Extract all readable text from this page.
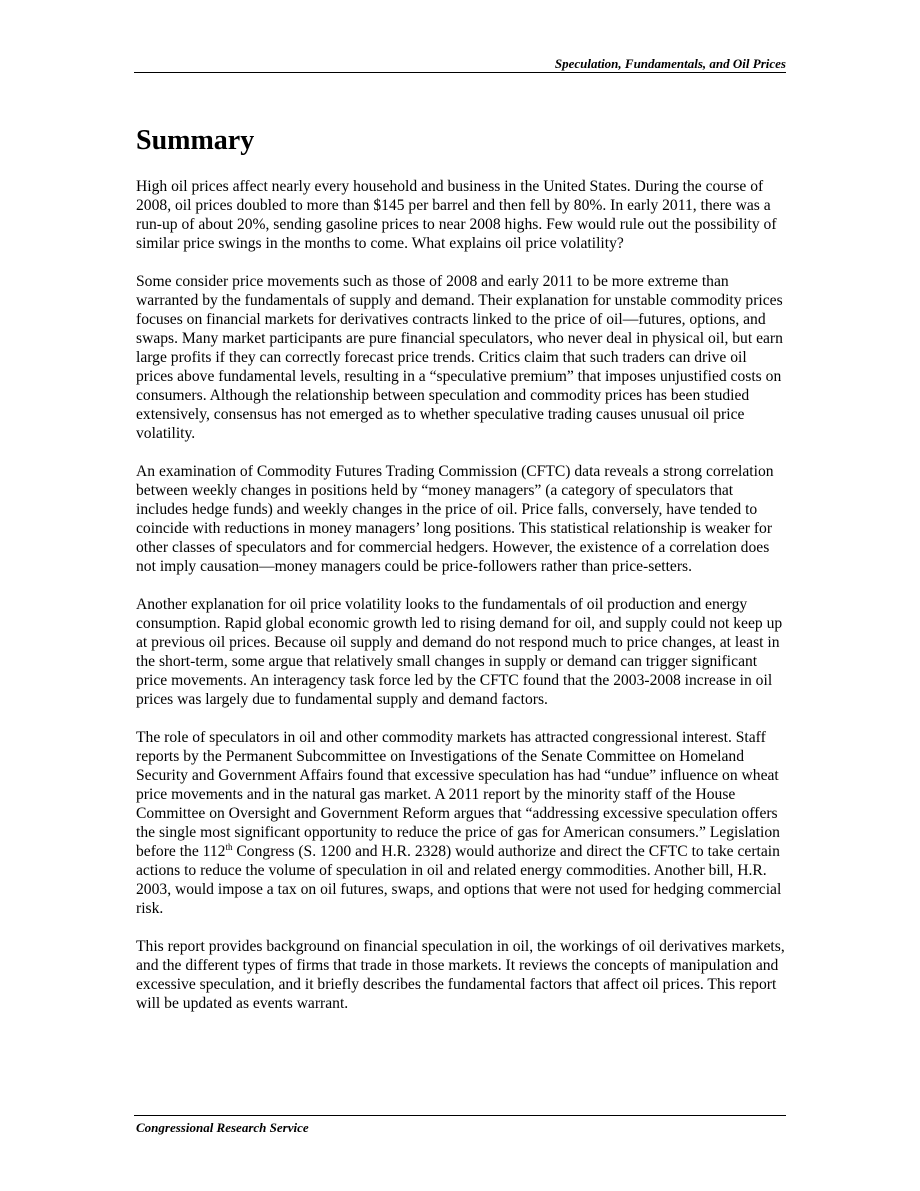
Speculation, Fundamentals, and Oil Prices
Summary

High oil prices affect nearly every household and business in the United States. During the course of 2008, oil prices doubled to more than $145 per barrel and then fell by 80%. In early 2011, there was a run-up of about 20%, sending gasoline prices to near 2008 highs. Few would rule out the possibility of similar price swings in the months to come. What explains oil price volatility?

Some consider price movements such as those of 2008 and early 2011 to be more extreme than warranted by the fundamentals of supply and demand. Their explanation for unstable commodity prices focuses on financial markets for derivatives contracts linked to the price of oil—futures, options, and swaps. Many market participants are pure financial speculators, who never deal in physical oil, but earn large profits if they can correctly forecast price trends. Critics claim that such traders can drive oil prices above fundamental levels, resulting in a “speculative premium” that imposes unjustified costs on consumers. Although the relationship between speculation and commodity prices has been studied extensively, consensus has not emerged as to whether speculative trading causes unusual oil price volatility.

An examination of Commodity Futures Trading Commission (CFTC) data reveals a strong correlation between weekly changes in positions held by “money managers” (a category of speculators that includes hedge funds) and weekly changes in the price of oil. Price falls, conversely, have tended to coincide with reductions in money managers’ long positions. This statistical relationship is weaker for other classes of speculators and for commercial hedgers. However, the existence of a correlation does not imply causation—money managers could be price-followers rather than price-setters.

Another explanation for oil price volatility looks to the fundamentals of oil production and energy consumption. Rapid global economic growth led to rising demand for oil, and supply could not keep up at previous oil prices. Because oil supply and demand do not respond much to price changes, at least in the short-term, some argue that relatively small changes in supply or demand can trigger significant price movements. An interagency task force led by the CFTC found that the 2003-2008 increase in oil prices was largely due to fundamental supply and demand factors.

The role of speculators in oil and other commodity markets has attracted congressional interest. Staff reports by the Permanent Subcommittee on Investigations of the Senate Committee on Homeland Security and Government Affairs found that excessive speculation has had “undue” influence on wheat price movements and in the natural gas market. A 2011 report by the minority staff of the House Committee on Oversight and Government Reform argues that “addressing excessive speculation offers the single most significant opportunity to reduce the price of gas for American consumers.” Legislation before the 112th Congress (S. 1200 and H.R. 2328) would authorize and direct the CFTC to take certain actions to reduce the volume of speculation in oil and related energy commodities. Another bill, H.R. 2003, would impose a tax on oil futures, swaps, and options that were not used for hedging commercial risk.

This report provides background on financial speculation in oil, the workings of oil derivatives markets, and the different types of firms that trade in those markets. It reviews the concepts of manipulation and excessive speculation, and it briefly describes the fundamental factors that affect oil prices. This report will be updated as events warrant.

Congressional Research Service
